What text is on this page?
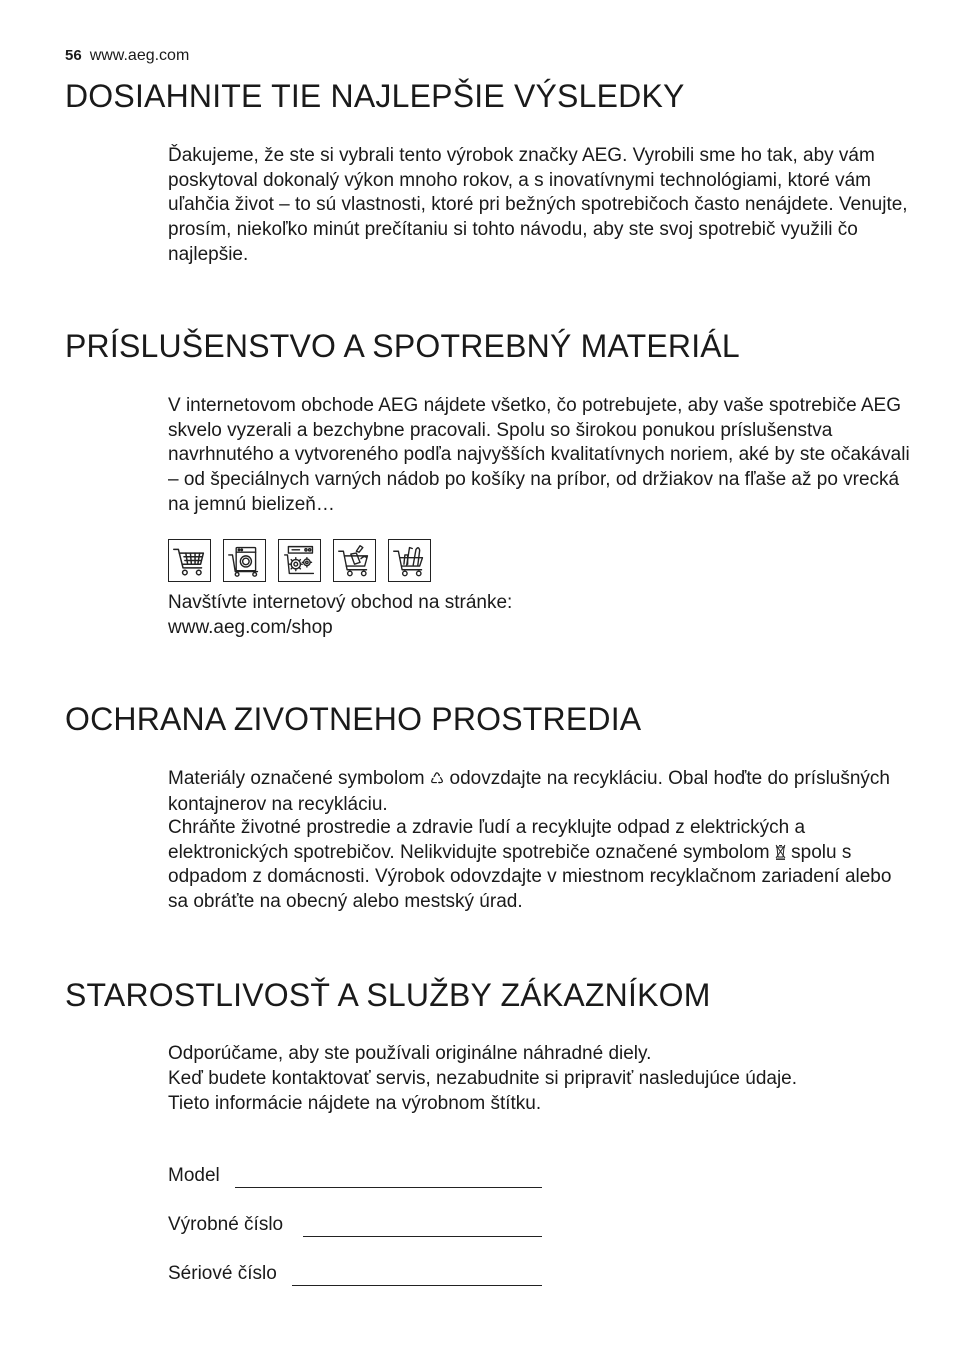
56 www.aeg.com
DOSIAHNITE TIE NAJLEPŠIE VÝSLEDKY

Ďakujeme, že ste si vybrali tento výrobok značky AEG. Vyrobili sme ho tak, aby vám poskytoval dokonalý výkon mnoho rokov, a s inovatívnymi technológiami, ktoré vám uľahčia život – to sú vlastnosti, ktoré pri bežných spotrebičoch často nenájdete. Venujte, prosím, niekoľko minút prečítaniu si tohto návodu, aby ste svoj spotrebič využili čo najlepšie.

PRÍSLUŠENSTVO A SPOTREBNÝ MATERIÁL

V internetovom obchode AEG nájdete všetko, čo potrebujete, aby vaše spotrebiče AEG skvelo vyzerali a bezchybne pracovali. Spolu so širokou ponukou príslušenstva navrhnutého a vytvoreného podľa najvyšších kvalitatívnych noriem, aké by ste očakávali – od špeciálnych varných nádob po košíky na príbor, od držiakov na fľaše až po vrecká na jemnú bielizeň…

Navštívte internetový obchod na stránke:

www.aeg.com/shop

OCHRANA ZIVOTNEHO PROSTREDIA

Materiály označené symbolom ♺ odovzdajte na recykláciu. Obal hoďte do príslušných kontajnerov na recykláciu.

Chráňte životné prostredie a zdravie ľudí a recyklujte odpad z elektrických a elektronických spotrebičov. Nelikvidujte spotrebiče označené symbolom  spolu s odpadom z domácnosti. Výrobok odovzdajte v miestnom recyklačnom zariadení alebo sa obráťte na obecný alebo mestský úrad.

STAROSTLIVOSŤ A SLUŽBY ZÁKAZNÍKOM

Odporúčame, aby ste používali originálne náhradné diely.

Keď budete kontaktovať servis, nezabudnite si pripraviť nasledujúce údaje.

Tieto informácie nájdete na výrobnom štítku.

Model
Výrobné číslo
Sériové číslo
